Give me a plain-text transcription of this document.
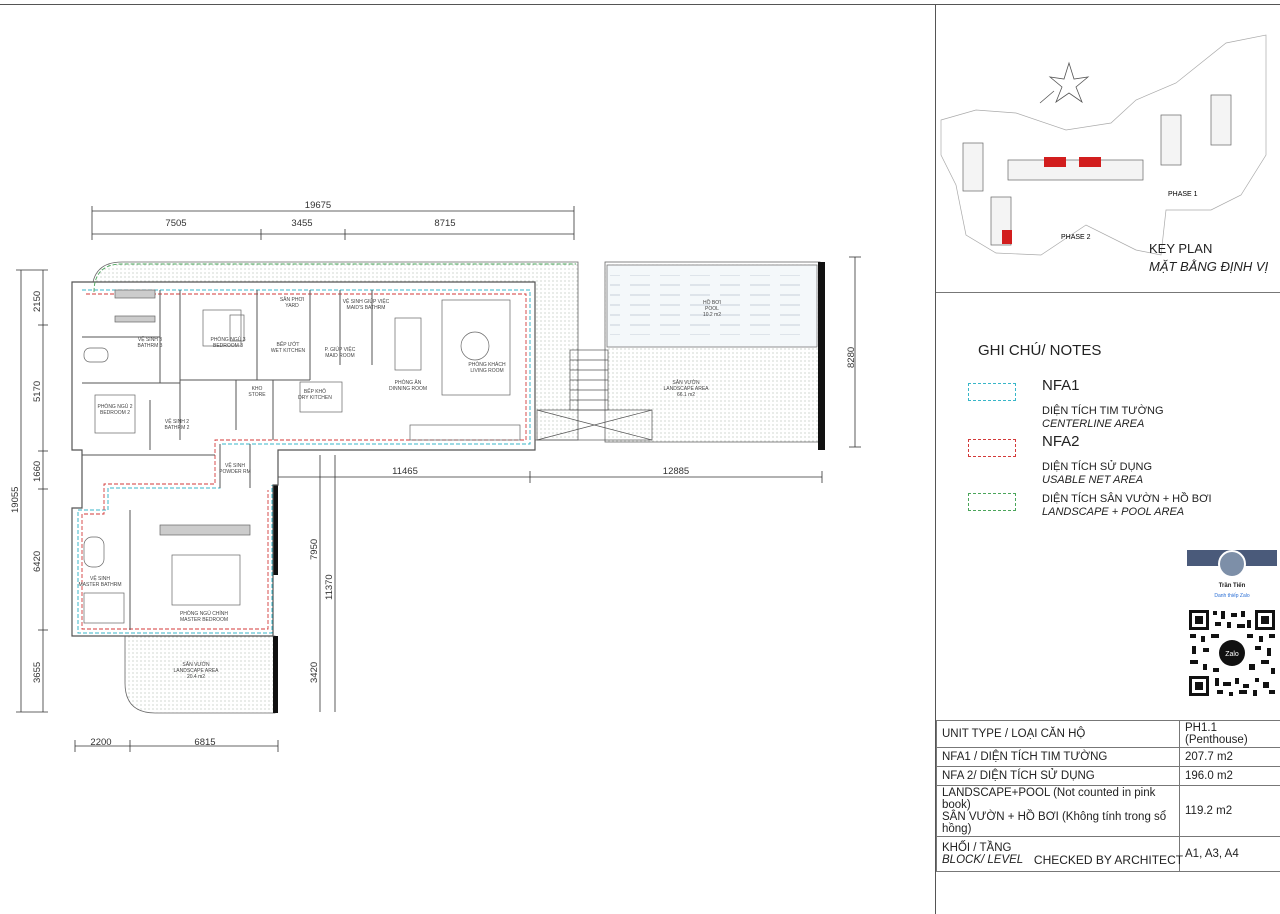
19675
7505	3455	8715
2150
5170
1660
6420
3655
19055
8280
11465	12885
7950
11370
3420
2200	6815
VỆ SINH 3
BATHRM 3
PHÒNG NGỦ 3
BEDROOM 3
SÂN PHƠI
YARD
BẾP ƯỚT
WET KITCHEN
VỆ SINH GIÚP VIỆC
MAID'S BATHRM
P. GIÚP VIỆC
MAID ROOM
HỒ BƠI
POOL
10.2 m2
PHÒNG NGỦ 2
BEDROOM 2
VỆ SINH 2
BATHRM 2
KHO
STORE	BẾP KHÔ
DRY KITCHEN
PHÒNG ĂN
DINNING ROOM
PHÒNG KHÁCH
LIVING ROOM
SÂN VƯỜN
LANDSCAPE AREA
66.1 m2
VỆ SINH
POWDER RM
VỆ SINH
MASTER BATHRM
PHÒNG NGỦ CHÍNH
MASTER BEDROOM
SÂN VƯỜN
LANDSCAPE AREA
20.4 m2
PHASE 1
PHASE 2
KEY PLAN
MẶT BẰNG ĐỊNH VỊ
GHI CHÚ/ NOTES
NFA1
DIỆN TÍCH TIM TƯỜNG
CENTERLINE AREA
NFA2
DIỆN TÍCH SỬ DỤNG
USABLE NET AREA
DIỆN TÍCH SÂN VƯỜN + HỒ BƠI
LANDSCAPE + POOL AREA
Trần Tiến
Danh thiếp Zalo
Zalo
UNIT TYPE / LOẠI CĂN HỘ	PH1.1 (Penthouse)
NFA1 / DIỆN TÍCH TIM TƯỜNG	207.7 m2
NFA 2/ DIỆN TÍCH SỬ DỤNG	196.0 m2

LANDSCAPE+POOL (Not counted in pink book)
SÂN VƯỜN + HỒ BƠI (Không tính trong sổ hồng)	119.2 m2

KHỐI / TẦNG
BLOCK/ LEVEL	A1, A3, A4
CHECKED BY ARCHITECT
